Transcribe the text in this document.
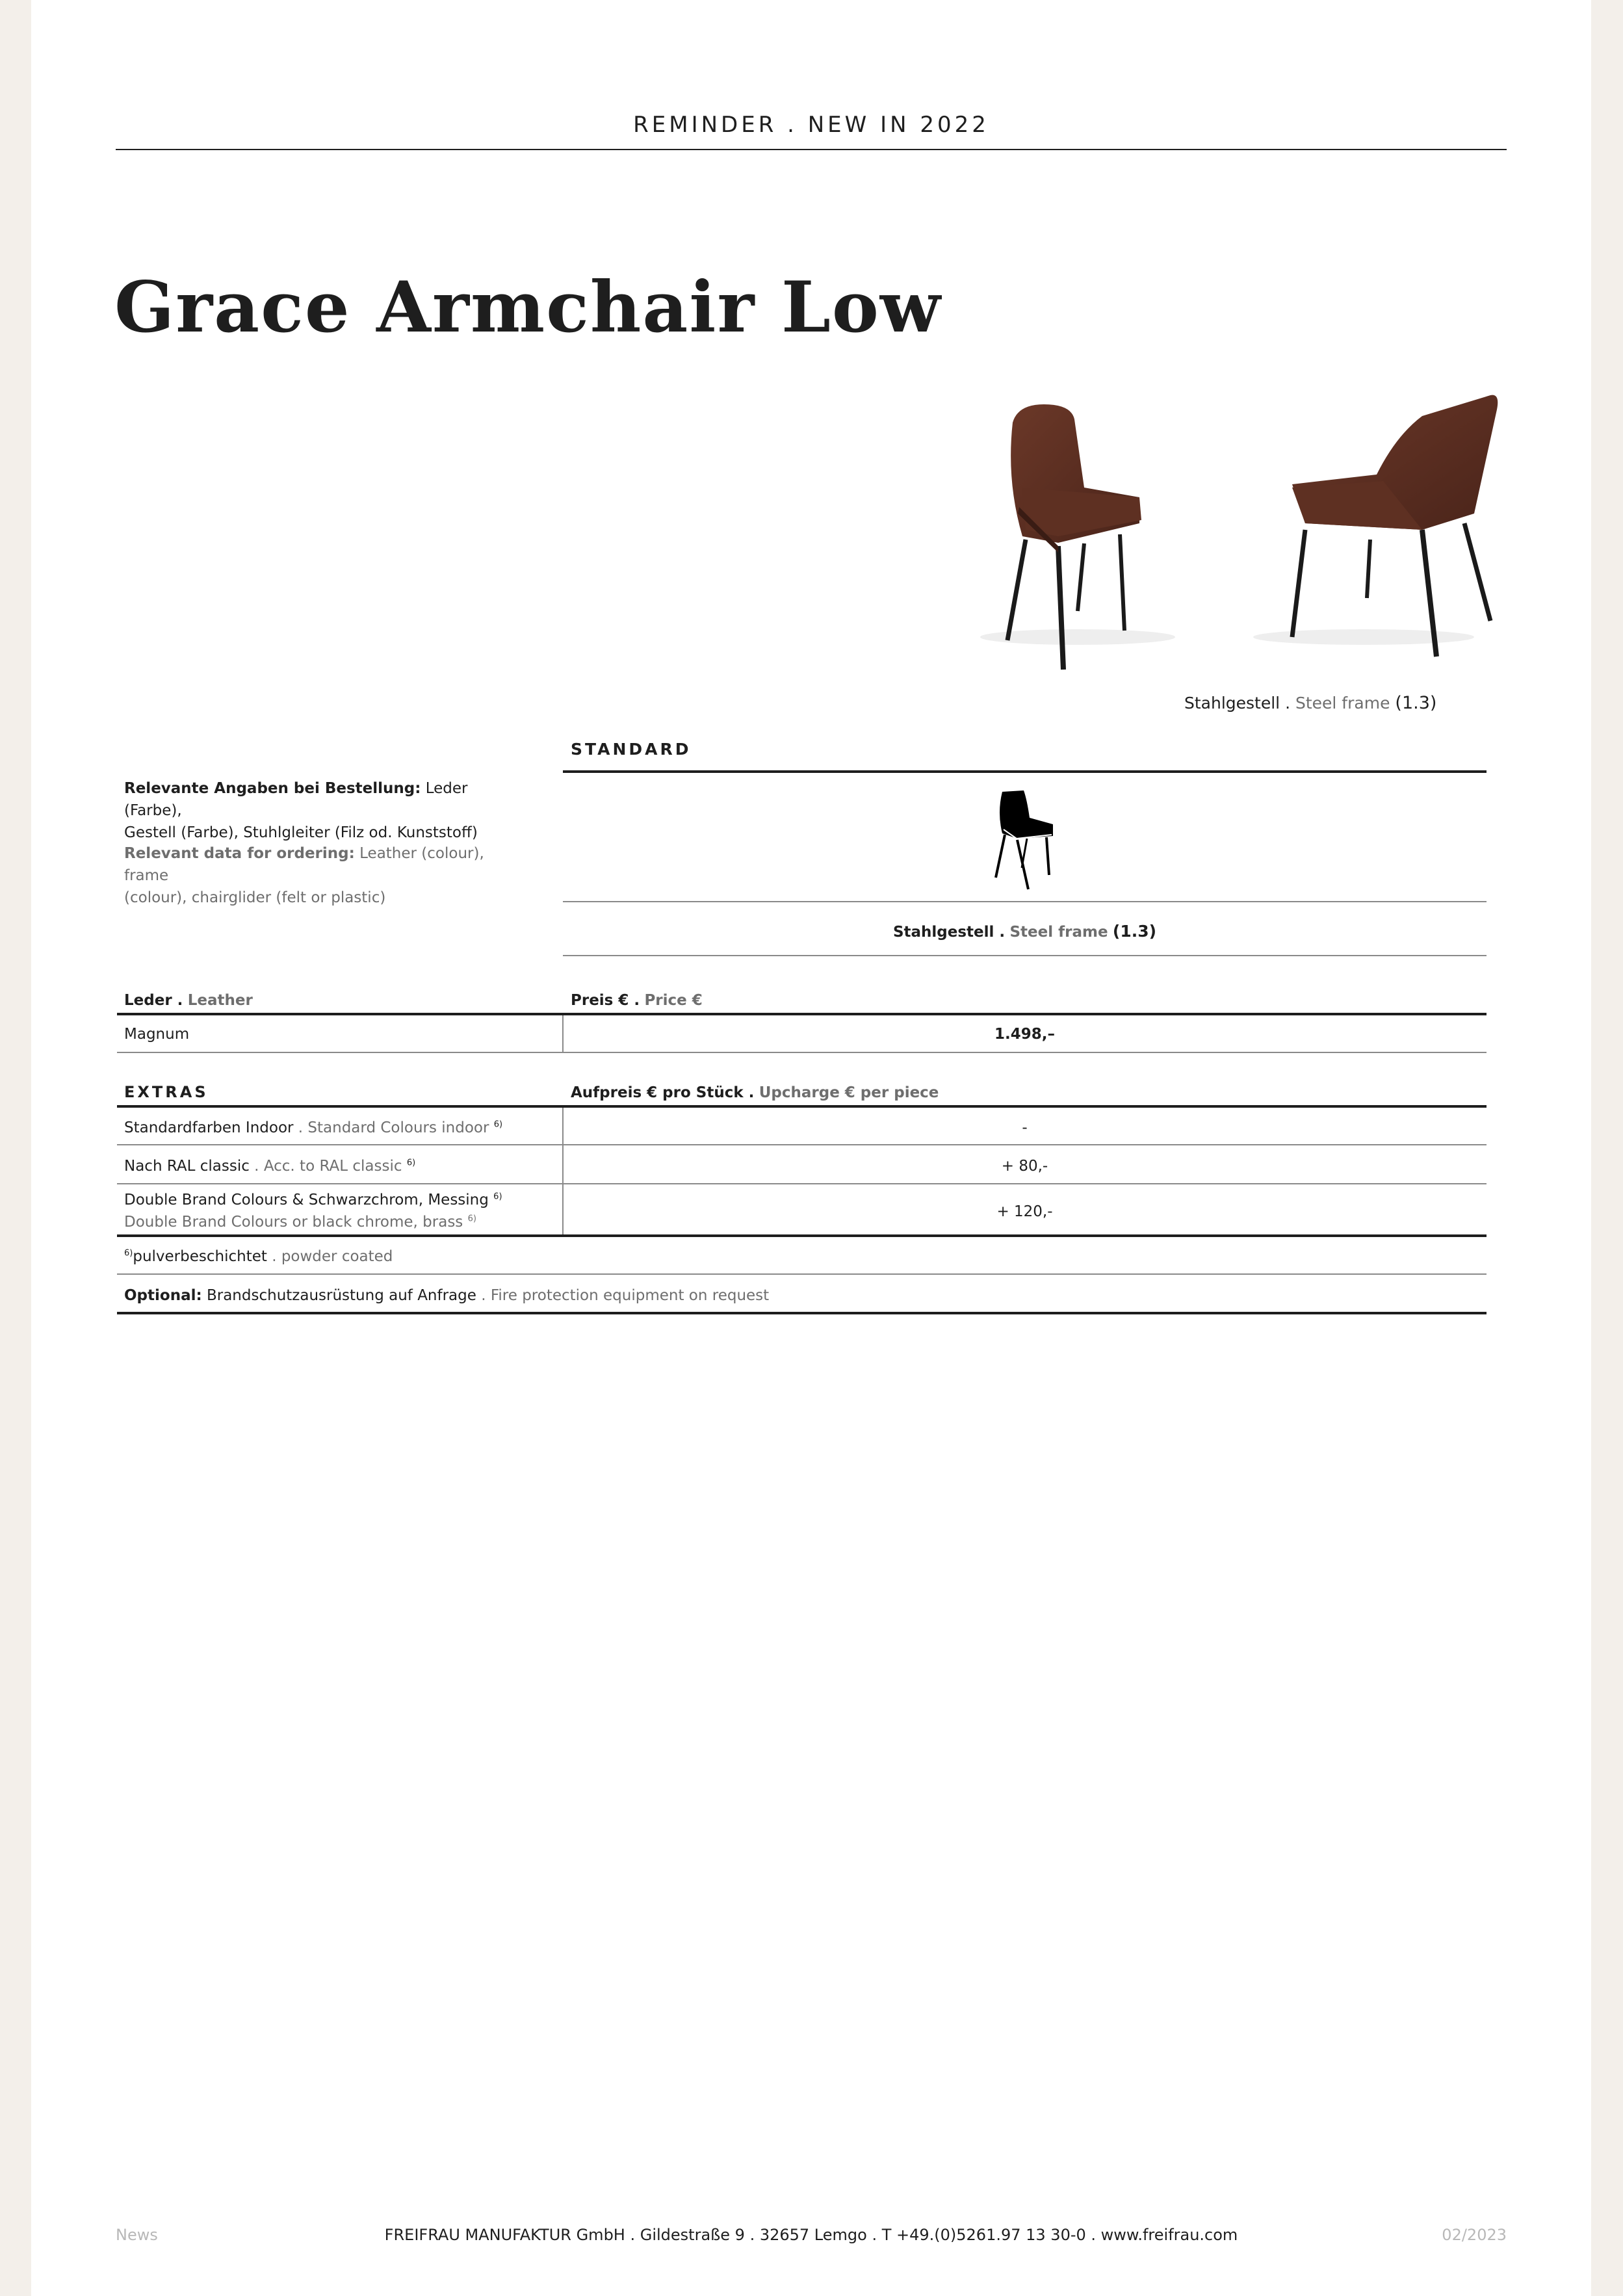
REMINDER . NEW IN 2022
Grace Armchair Low
Stahlgestell . Steel frame (1.3)
Relevante Angaben bei Bestellung: Leder (Farbe),
Gestell (Farbe), Stuhlgleiter (Filz od. Kunststoff)
Relevant data for ordering: Leather (colour), frame
(colour), chairglider (felt or plastic)
STANDARD
Stahlgestell . Steel frame (1.3)
Leder . Leather	Preis € . Price €
Magnum	1.498,–
EXTRAS	Aufpreis € pro Stück . Upcharge € per piece
Standardfarben Indoor . Standard Colours indoor $^{6)}$	-
Nach RAL classic . Acc. to RAL classic $^{6)}$	+ 80,-
Double Brand Colours & Schwarzchrom, Messing $^{6)}$
Double Brand Colours or black chrome, brass $^{6)}$	+ 120,-
$^{6)}$pulverbeschichtet . powder coated
Optional: Brandschutzausrüstung auf Anfrage . Fire protection equipment on request
News	FREIFRAU MANUFAKTUR GmbH . Gildestraße 9 . 32657 Lemgo . T +49.(0)5261.97 13 30-0 . www.freifrau.com	02/2023
